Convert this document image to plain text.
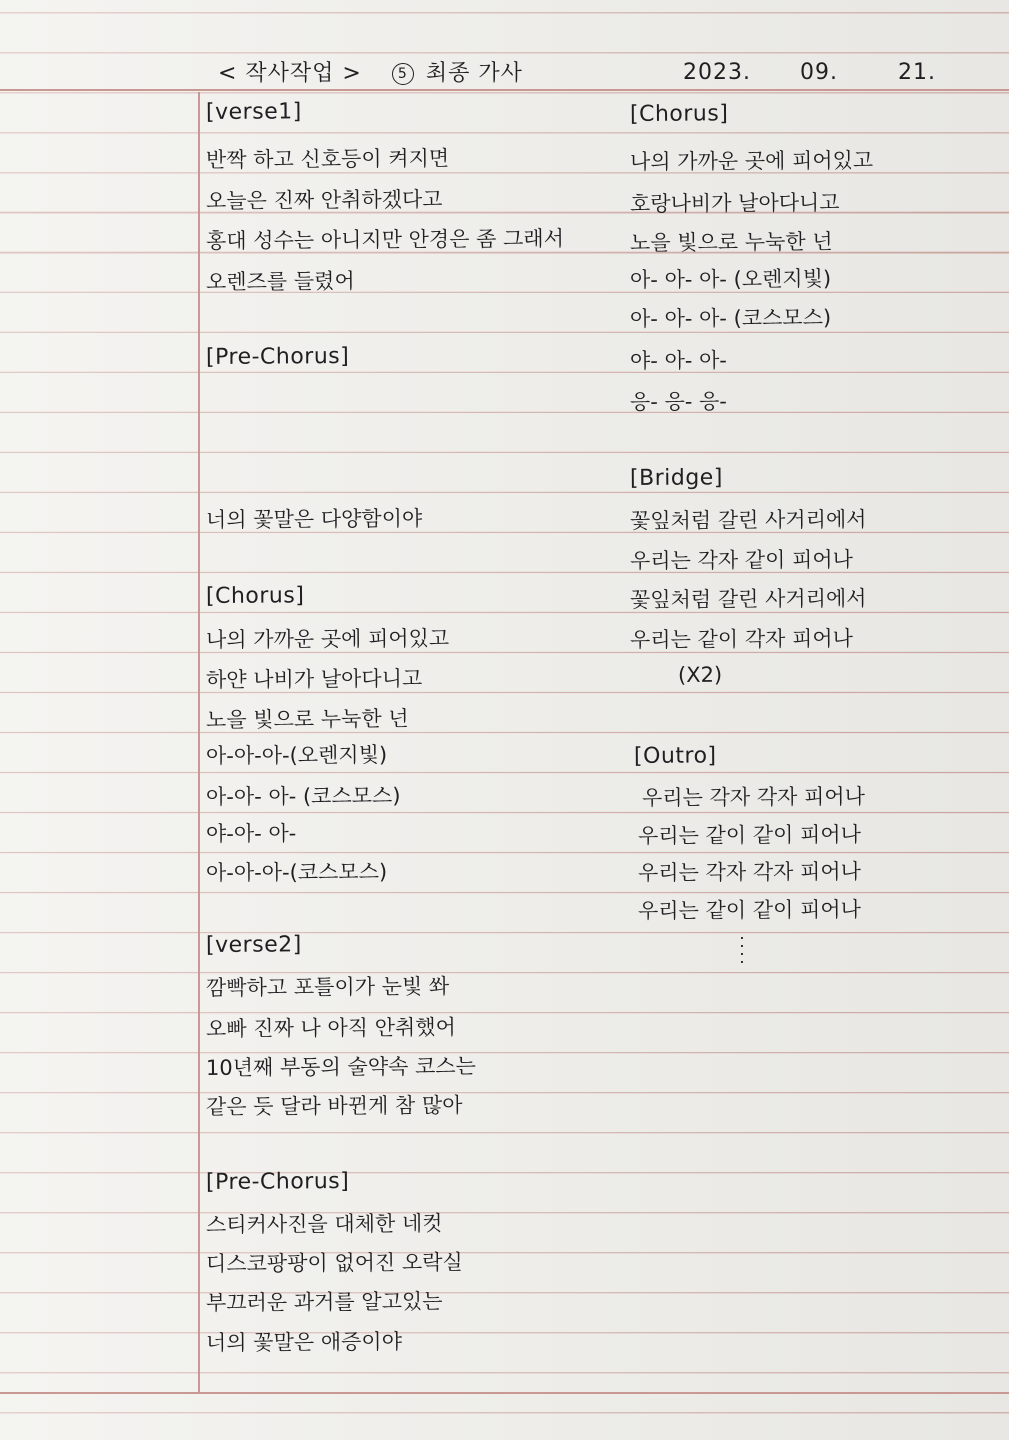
< 작사작업 >	5 최종 가사	2023. 09.	21.
[verse1]
반짝 하고 신호등이 켜지면
오늘은 진짜 안취하겠다고
홍대 성수는 아니지만 안경은 좀 그래서
오렌즈를 들렸어
[Pre-Chorus]
너의 꽃말은 다양함이야
[Chorus]
나의 가까운 곳에 피어있고
하얀 나비가 날아다니고
노을 빛으로 누눅한 넌
아-아-아-(오렌지빛)
아-아- 아- (코스모스)
야-아- 아-
아-아-아-(코스모스)
[verse2]
깜빡하고 포틀이가 눈빛 쏴
오빠 진짜 나 아직 안취했어
10년째 부동의 술약속 코스는
같은 듯 달라 바뀐게 참 많아
[Pre-Chorus]
스티커사진을 대체한 네컷
디스코팡팡이 없어진 오락실
부끄러운 과거를 알고있는
너의 꽃말은 애증이야
[Chorus]
나의 가까운 곳에 피어있고
호랑나비가 날아다니고
노을 빛으로 누눅한 넌
아- 아- 아- (오렌지빛)
아- 아- 아- (코스모스)
야- 아- 아-
응- 응- 응-
[Bridge]
꽃잎처럼 갈린 사거리에서
우리는 각자 같이 피어나
꽃잎처럼 갈린 사거리에서
우리는 같이 각자 피어나
(X2)
[Outro]
우리는 각자 각자 피어나
우리는 같이 같이 피어나
우리는 각자 각자 피어나
우리는 같이 같이 피어나
